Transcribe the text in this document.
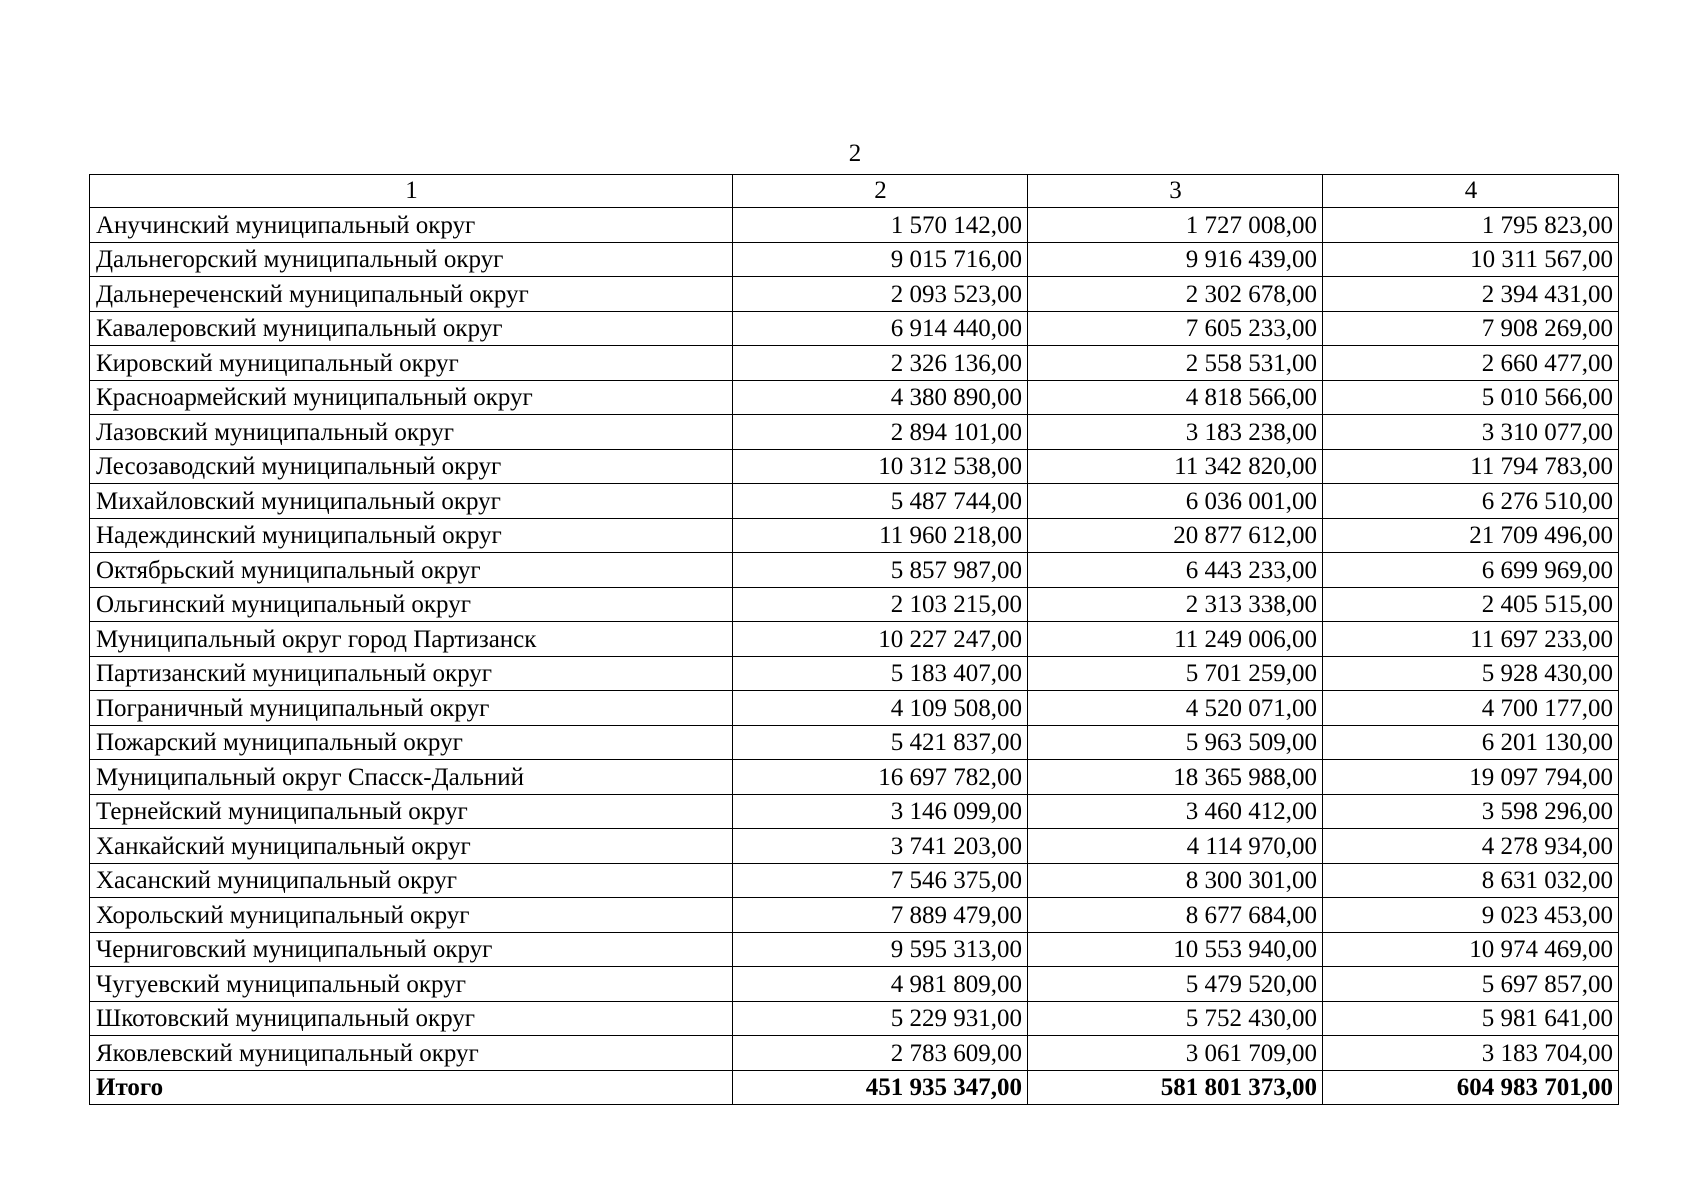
2
1	2	3	4
Анучинский муниципальный округ	1 570 142,00	1 727 008,00	1 795 823,00
Дальнегорский муниципальный округ	9 015 716,00	9 916 439,00	10 311 567,00
Дальнереченский муниципальный округ	2 093 523,00	2 302 678,00	2 394 431,00
Кавалеровский муниципальный округ	6 914 440,00	7 605 233,00	7 908 269,00
Кировский муниципальный округ	2 326 136,00	2 558 531,00	2 660 477,00
Красноармейский муниципальный округ	4 380 890,00	4 818 566,00	5 010 566,00
Лазовский муниципальный округ	2 894 101,00	3 183 238,00	3 310 077,00
Лесозаводский муниципальный округ	10 312 538,00	11 342 820,00	11 794 783,00
Михайловский муниципальный округ	5 487 744,00	6 036 001,00	6 276 510,00
Надеждинский муниципальный округ	11 960 218,00	20 877 612,00	21 709 496,00
Октябрьский муниципальный округ	5 857 987,00	6 443 233,00	6 699 969,00
Ольгинский муниципальный округ	2 103 215,00	2 313 338,00	2 405 515,00
Муниципальный округ город Партизанск	10 227 247,00	11 249 006,00	11 697 233,00
Партизанский муниципальный округ	5 183 407,00	5 701 259,00	5 928 430,00
Пограничный муниципальный округ	4 109 508,00	4 520 071,00	4 700 177,00
Пожарский муниципальный округ	5 421 837,00	5 963 509,00	6 201 130,00
Муниципальный округ Спасск-Дальний	16 697 782,00	18 365 988,00	19 097 794,00
Тернейский муниципальный округ	3 146 099,00	3 460 412,00	3 598 296,00
Ханкайский муниципальный округ	3 741 203,00	4 114 970,00	4 278 934,00
Хасанский муниципальный округ	7 546 375,00	8 300 301,00	8 631 032,00
Хорольский муниципальный округ	7 889 479,00	8 677 684,00	9 023 453,00
Черниговский муниципальный округ	9 595 313,00	10 553 940,00	10 974 469,00
Чугуевский муниципальный округ	4 981 809,00	5 479 520,00	5 697 857,00
Шкотовский муниципальный округ	5 229 931,00	5 752 430,00	5 981 641,00
Яковлевский муниципальный округ	2 783 609,00	3 061 709,00	3 183 704,00
Итого	451 935 347,00	581 801 373,00	604 983 701,00
